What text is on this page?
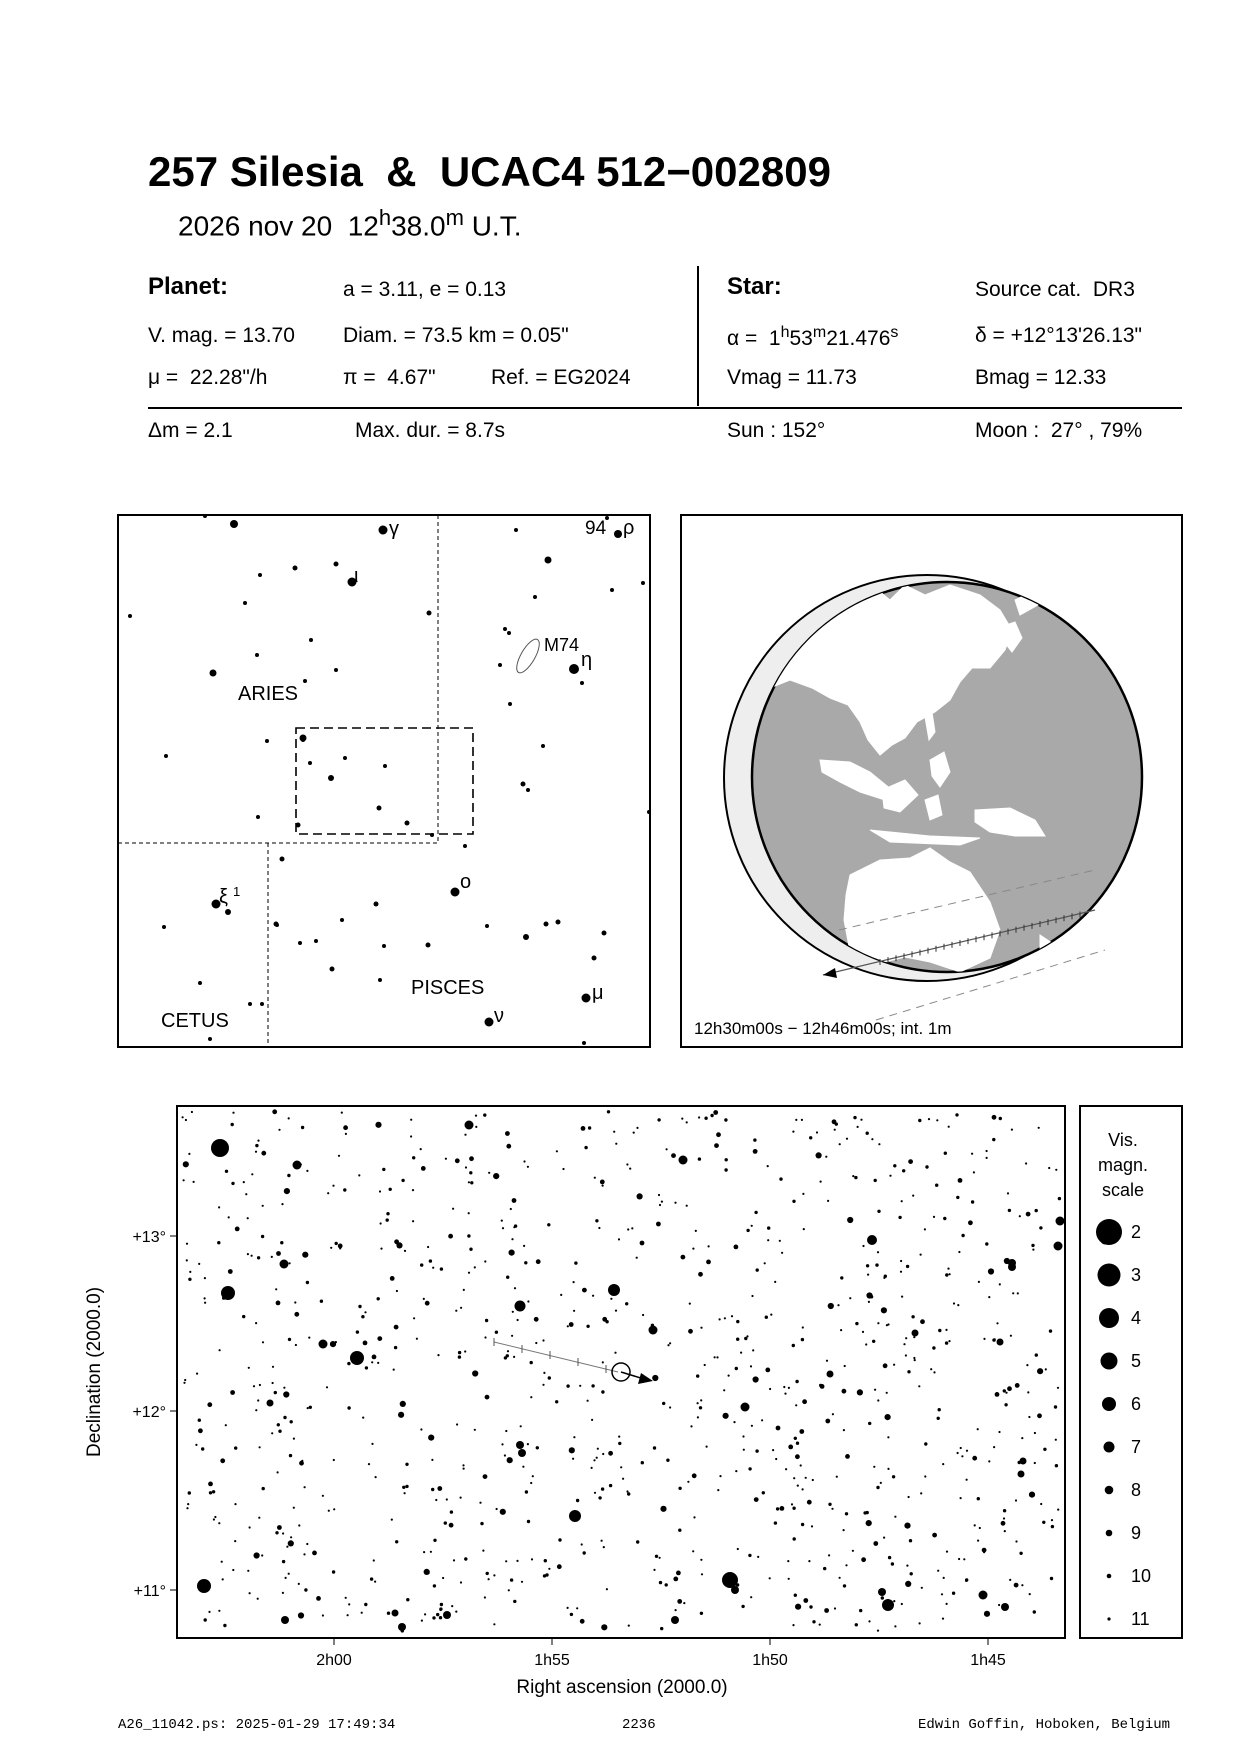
257 Silesia  &  UCAC4 512−002809
2026 nov 20  12$^h$38.0$^m$ U.T.
Planet:	a = 3.11, e = 0.13
V. mag. = 13.70 Diam. = 73.5 km = 0.05"
μ =  22.28"/h	π =  4.67"	Ref. = EG2024
Star:	Source cat.  DR3
α =  1$^h$53$^m$21.476$^s$	δ = +12°13'26.13"
Vmag = 11.73	Bmag = 12.33
Δm = 2.1	Max. dur. = 8.7s	Sun : 152°	Moon :  27° , 79%
ARIES
PISCES
CETUS
γ	94 ρ
ι
M74
η
ξ 1	ο
μ
ν
12h30m00s − 12h46m00s; int. 1m
+13°
+12°
+11°
2h00	1h55	1h50	1h45
Right ascension (2000.0)
Declination (2000.0)
Vis.
magn.
scale
2
3
4
5
6
7
8
9
10
11
A26_11042.ps: 2025-01-29 17:49:34	2236	Edwin Goffin, Hoboken, Belgium
